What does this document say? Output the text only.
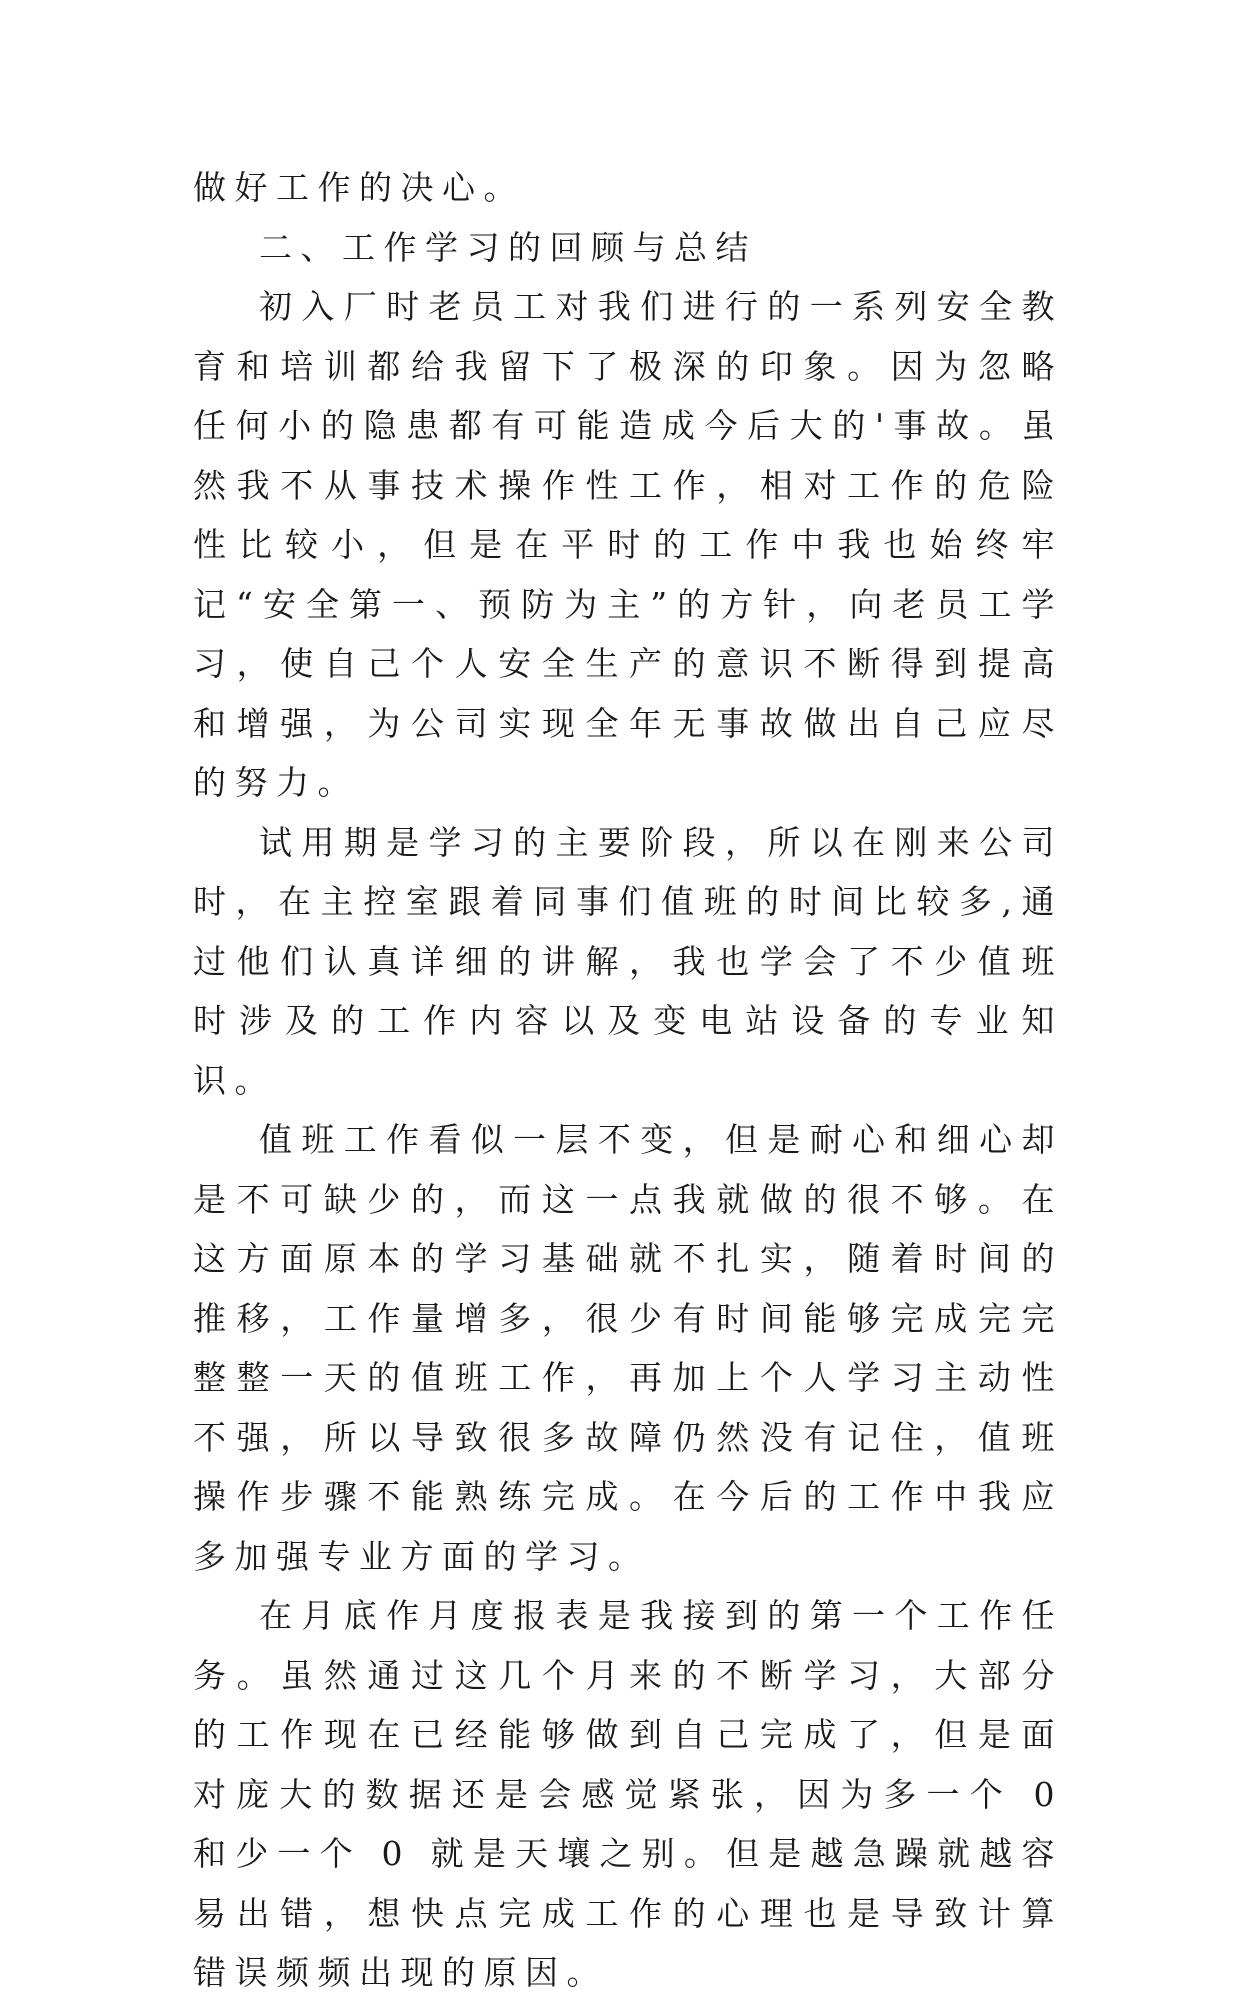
做好工作的决心。

二、工作学习的回顾与总结

初入厂时老员工对我们进行的一系列安全教育和培训都给我留下了极深的印象。因为忽略任何小的隐患都有可能造成今后大的'事故。虽然我不从事技术操作性工作，相对工作的危险性比较小，但是在平时的工作中我也始终牢记“安全第一、预防为主”的方针，向老员工学习，使自己个人安全生产的意识不断得到提高和增强，为公司实现全年无事故做出自己应尽的努力。

试用期是学习的主要阶段，所以在刚来公司时，在主控室跟着同事们值班的时间比较多,通过他们认真详细的讲解，我也学会了不少值班时涉及的工作内容以及变电站设备的专业知识。

值班工作看似一层不变，但是耐心和细心却是不可缺少的，而这一点我就做的很不够。在这方面原本的学习基础就不扎实，随着时间的推移，工作量增多，很少有时间能够完成完完整整一天的值班工作，再加上个人学习主动性不强，所以导致很多故障仍然没有记住，值班操作步骤不能熟练完成。在今后的工作中我应多加强专业方面的学习。

在月底作月度报表是我接到的第一个工作任务。虽然通过这几个月来的不断学习，大部分的工作现在已经能够做到自己完成了，但是面对庞大的数据还是会感觉紧张，因为多一个 0 和少一个 0 就是天壤之别。但是越急躁就越容易出错，想快点完成工作的心理也是导致计算错误频频出现的原因。
